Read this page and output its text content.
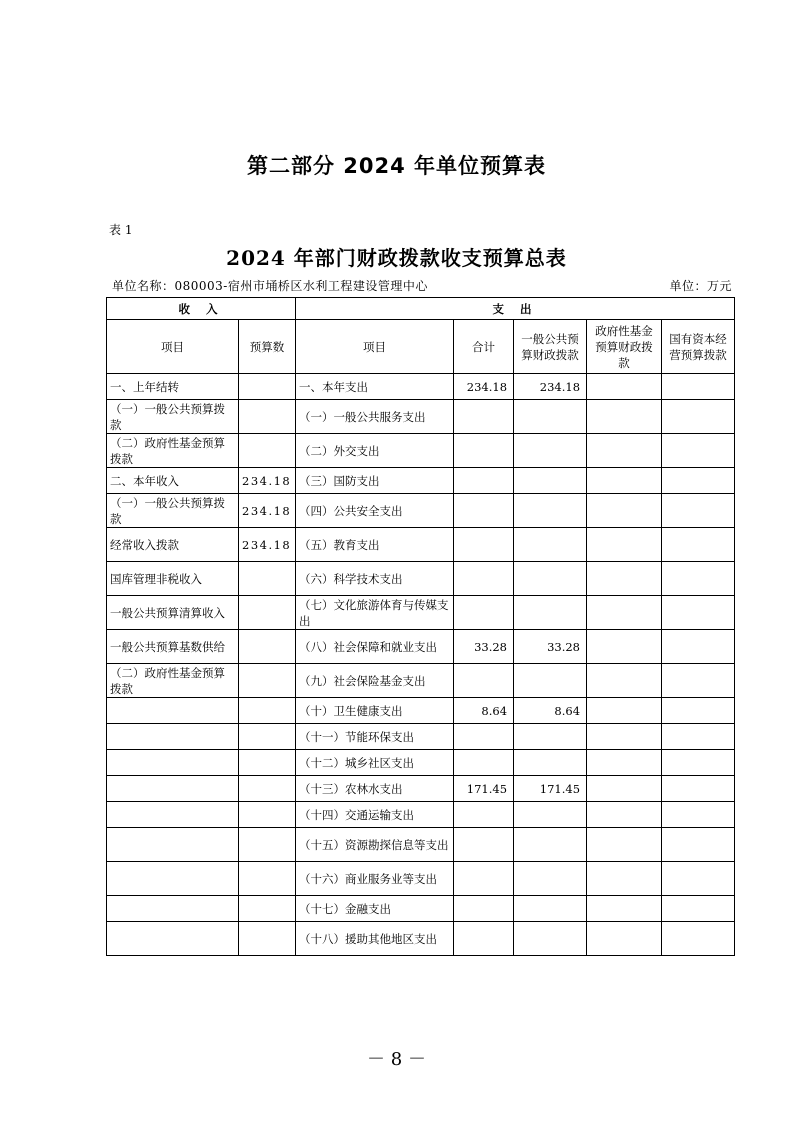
第二部分 2024 年单位预算表
表 1
2024 年部门财政拨款收支预算总表
单位名称：080003-宿州市埇桥区水利工程建设管理中心	单位：万元
收 入		支 出				
项目	预算数	项目	合计	一般公共预算财政拨款	政府性基金预算财政拨款	国有资本经营预算拨款
一、上年结转		一、本年支出	234.18	234.18		
（一）一般公共预算拨款		（一）一般公共服务支出				
（二）政府性基金预算拨款		（二）外交支出				
二、本年收入	234.18	（三）国防支出				
（一）一般公共预算拨款	234.18	（四）公共安全支出				
经常收入拨款	234.18	（五）教育支出				
国库管理非税收入		（六）科学技术支出				
一般公共预算清算收入		（七）文化旅游体育与传媒支出				
一般公共预算基数供给		（八）社会保障和就业支出	33.28	33.28		
（二）政府性基金预算拨款		（九）社会保险基金支出				
		（十）卫生健康支出	8.64	8.64		
		（十一）节能环保支出				
		（十二）城乡社区支出				
		（十三）农林水支出	171.45	171.45		
		（十四）交通运输支出				
		（十五）资源勘探信息等支出				
		（十六）商业服务业等支出				
		（十七）金融支出				
		（十八）援助其他地区支出				
－ 8 －
